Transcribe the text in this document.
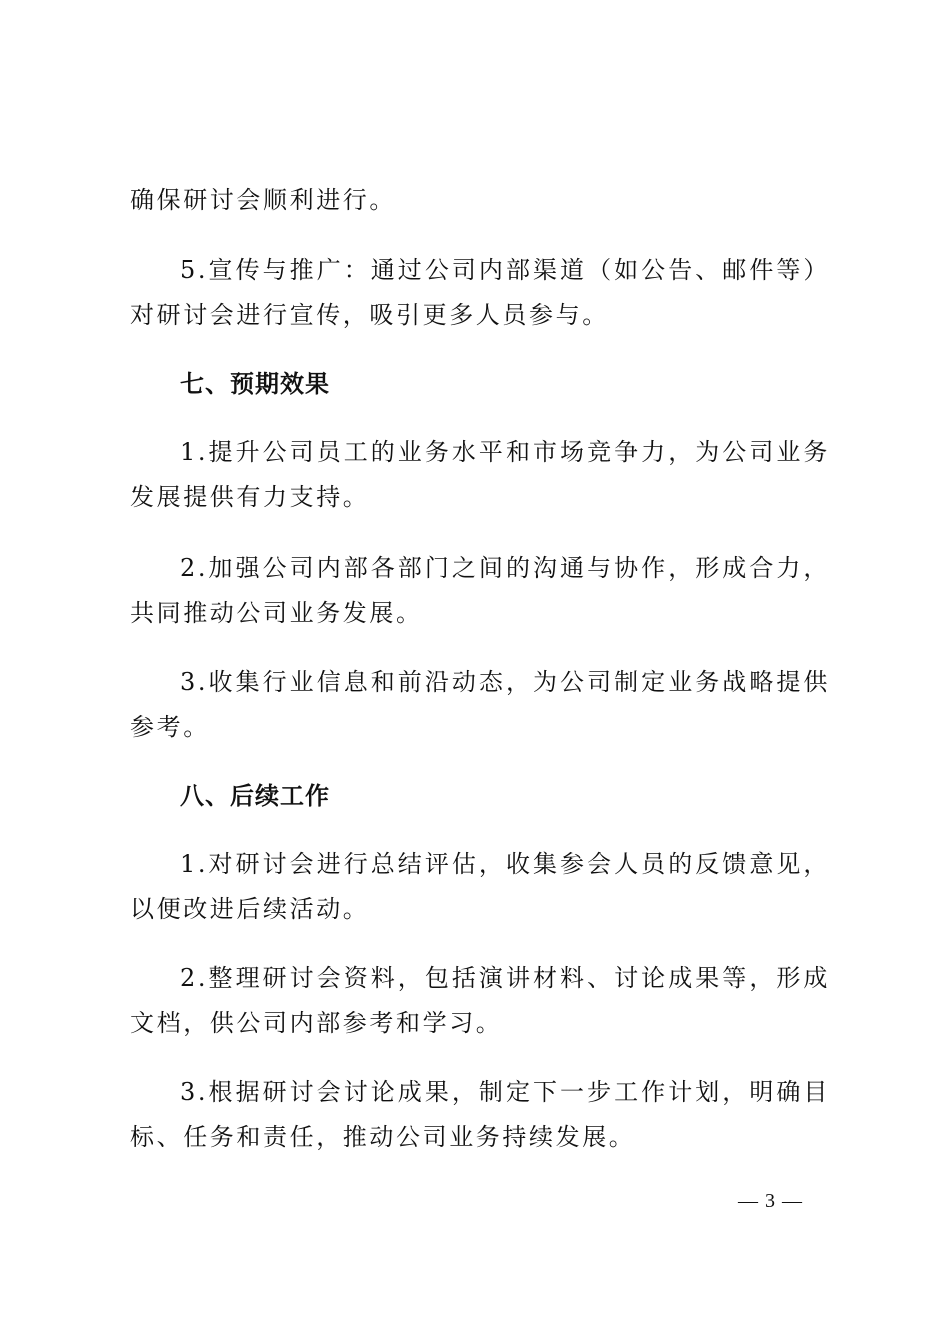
确保研讨会顺利进行。

5.宣传与推广：通过公司内部渠道（如公告、邮件等）对研讨会进行宣传，吸引更多人员参与。

七、预期效果

1.提升公司员工的业务水平和市场竞争力，为公司业务发展提供有力支持。

2.加强公司内部各部门之间的沟通与协作，形成合力，共同推动公司业务发展。

3.收集行业信息和前沿动态，为公司制定业务战略提供参考。

八、后续工作

1.对研讨会进行总结评估，收集参会人员的反馈意见，以便改进后续活动。

2.整理研讨会资料，包括演讲材料、讨论成果等，形成文档，供公司内部参考和学习。

3.根据研讨会讨论成果，制定下一步工作计划，明确目标、任务和责任，推动公司业务持续发展。

— 3 —
